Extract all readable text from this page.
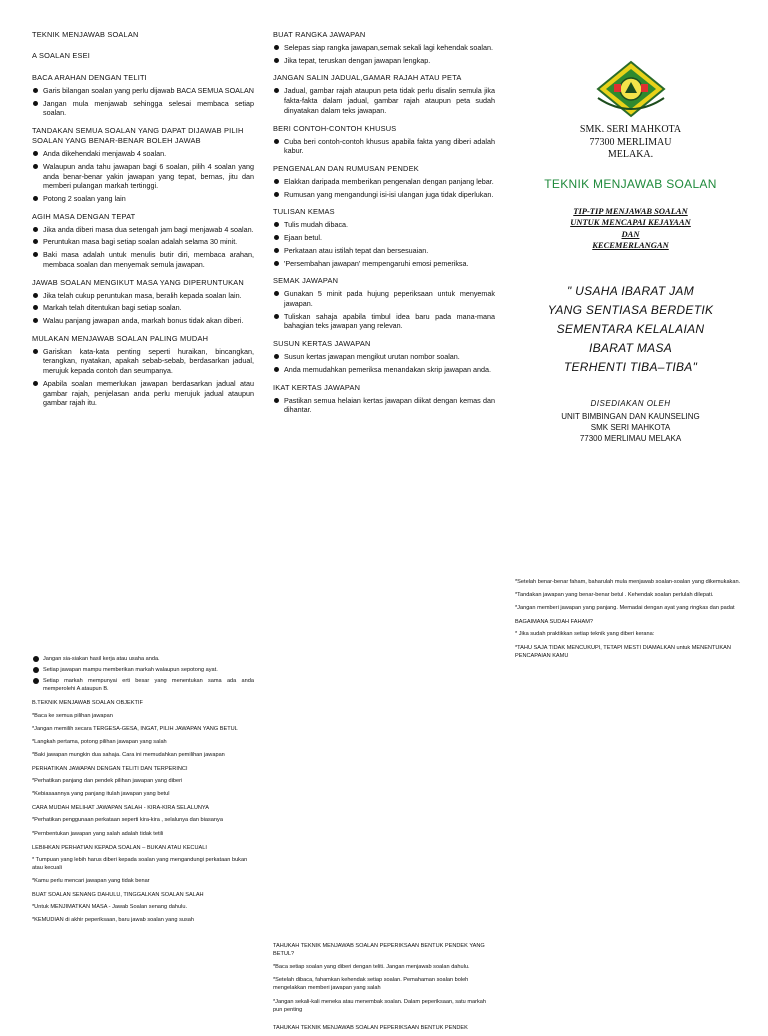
TEKNIK MENJAWAB SOALAN
A SOALAN ESEI
BACA ARAHAN DENGAN TELITI
Garis bilangan soalan yang perlu dijawab BACA SEMUA SOALAN
Jangan mula menjawab sehingga selesai membaca setiap soalan.
TANDAKAN SEMUA SOALAN YANG DAPAT DIJAWAB PILIH SOALAN YANG BENAR-BENAR BOLEH JAWAB
Anda dikehendaki menjawab 4 soalan.
Walaupun anda tahu jawapan bagi 6 soalan, pilih 4 soalan yang anda benar-benar yakin jawapan yang tepat, bernas, jitu dan memberi pulangan markah tertinggi.
Potong 2 soalan yang lain
AGIH MASA DENGAN TEPAT
Jika anda diberi masa dua setengah jam bagi menjawab 4 soalan.
Peruntukan masa bagi setiap soalan adalah selama 30 minit.
Baki masa adalah untuk menulis butir diri, membaca arahan, membaca soalan dan menyemak semula jawapan.
JAWAB SOALAN MENGIKUT MASA YANG DIPERUNTUKAN
Jika telah cukup peruntukan masa, beralih kepada soalan lain.
Markah telah ditentukan bagi setiap soalan.
Walau panjang jawapan anda, markah bonus tidak akan diberi.
MULAKAN MENJAWAB SOALAN PALING MUDAH
Gariskan kata-kata penting seperti huraikan, bincangkan, terangkan, nyatakan, apakah sebab-sebab, berdasarkan jadual, merujuk kepada contoh dan seumpanya.
Apabila soalan memerlukan jawapan berdasarkan jadual atau gambar rajah, penjelasan anda perlu merujuk jadual ataupun gambar rajah itu.
BUAT RANGKA JAWAPAN
Selepas siap rangka jawapan,semak sekali lagi kehendak soalan.
Jika tepat, teruskan dengan jawapan lengkap.
JANGAN SALIN JADUAL,GAMAR RAJAH ATAU PETA
Jadual, gambar rajah ataupun peta tidak perlu disalin semula jika fakta-fakta dalam jadual, gambar rajah ataupun peta sudah dinyatakan dalam teks jawapan.
BERI CONTOH-CONTOH KHUSUS
Cuba beri contoh-contoh khusus apabila fakta yang diberi adalah kabur.
PENGENALAN DAN RUMUSAN PENDEK
Elakkan daripada memberikan pengenalan dengan panjang lebar.
Rumusan yang mengandungi isi-isi ulangan juga tidak diperlukan.
TULISAN KEMAS
Tulis mudah dibaca.
Ejaan betul.
Perkataan atau istilah tepat dan bersesuaian.
'Persembahan jawapan' mempengaruhi emosi pemeriksa.
SEMAK JAWAPAN
Gunakan 5 minit pada hujung peperiksaan untuk menyemak jawapan.
Tuliskan sahaja apabila timbul idea baru pada mana-mana bahagian teks jawapan yang relevan.
SUSUN KERTAS JAWAPAN
Susun kertas jawapan mengikut urutan nombor soalan.
Anda memudahkan pemeriksa menandakan skrip jawapan anda.
IKAT KERTAS JAWAPAN
Pastikan semua helaian kertas jawapan diikat dengan kemas dan dihantar.
SMK. SERI MAHKOTA
77300 MERLIMAU
MELAKA.
TEKNIK MENJAWAB SOALAN
TIP-TIP MENJAWAB SOALAN
UNTUK MENCAPAI KEJAYAAN
DAN
KECEMERLANGAN
" USAHA IBARAT JAM
YANG SENTIASA BERDETIK
SEMENTARA KELALAIAN
IBARAT MASA
TERHENTI TIBA–TIBA"
DISEDIAKAN OLEH
UNIT BIMBINGAN DAN KAUNSELING
SMK SERI MAHKOTA
77300 MERLIMAU MELAKA
Jangan sia-siakan hasil kerja atau usaha anda.
Setiap jawapan mampu memberikan markah walaupun sepotong ayat.
Setiap markah mempunyai erti besar yang menentukan sama ada anda memperolehi A ataupun B.

B.TEKNIK MENJAWAB SOALAN OBJEKTIF

*Baca ke semua pilihan jawapan

*Jangan memilih secara TERGESA-GESA, INGAT, PILIH JAWAPAN YANG BETUL

*Langkah pertama, potong pilihan jawapan yang salah

*Baki jawapan mungkin dua sahaja. Cara ini memudahkan pemilihan jawapan

PERHATIKAN JAWAPAN DENGAN TELITI DAN TERPERINCI

*Perhatikan panjang dan pendek pilihan jawapan yang diberi

*Kebiasaannya yang panjang itulah jawapan yang betul

CARA MUDAH MELIHAT JAWAPAN SALAH - KIRA-KIRA SELALUNYA

*Perhatikan penggunaan perkataan seperti kira-kira , selalunya dan biasanya

*Pernbentukan jawapan yang salah adalah tidak tetili

LEBIHKAN PERHATIAN KEPADA SOALAN – BUKAN ATAU KECUALI

* Tumpuan yang lebih harus diberi kepada soalan yang mengandungi perkataan bukan atau kecuali

*Kamu perlu mencari jawapan yang tidak benar

BUAT SOALAN SENANG DAHULU, TINGGALKAN SOALAN SALAH

*Untuk MENJIMATKAN MASA - Jawab Soalan senang dahulu.

*KEMUDIAN di akhir peperiksaan, baru jawab soalan yang susah

TAHUKAH TEKNIK MENJAWAB SOALAN PEPERIKSAAN BENTUK PENDEK YANG BETUL?

*Baca setiap soalan yang diberi dengan teliti. Jangan menjawab soalan dahulu.

*Setelah dibaca, fahamkan kehendak setiap soalan. Pemahaman soalan boleh mengelakkan memberi jawapan yang salah

*Jangan sekali-kali meneka atau menembak soalan. Dalam peperiksaan, satu markah pun penting

TAHUKAH TEKNIK MENJAWAB SOALAN PEPERIKSAAN BENTUK PENDEK

*Setelah benar-benar faham, baharulah mula menjawab soalan-soalan yang dikemukakan.

*Tandakan jawapan yang benar-benar betul . Kehendak soalan perlulah dilepati.

*Jangan memberi jawapan yang panjang. Memadai dengan ayat yang ringkas dan padat

BAGAIMANA SUDAH FAHAM?

* Jika sudah praktikkan setiap teknik yang diberi kerana:

*TAHU SAJA TIDAK MENCUKUPI, TETAPI MESTI DIAMALKAN untuk MENENTUKAN PENCAPAIAN KAMU
